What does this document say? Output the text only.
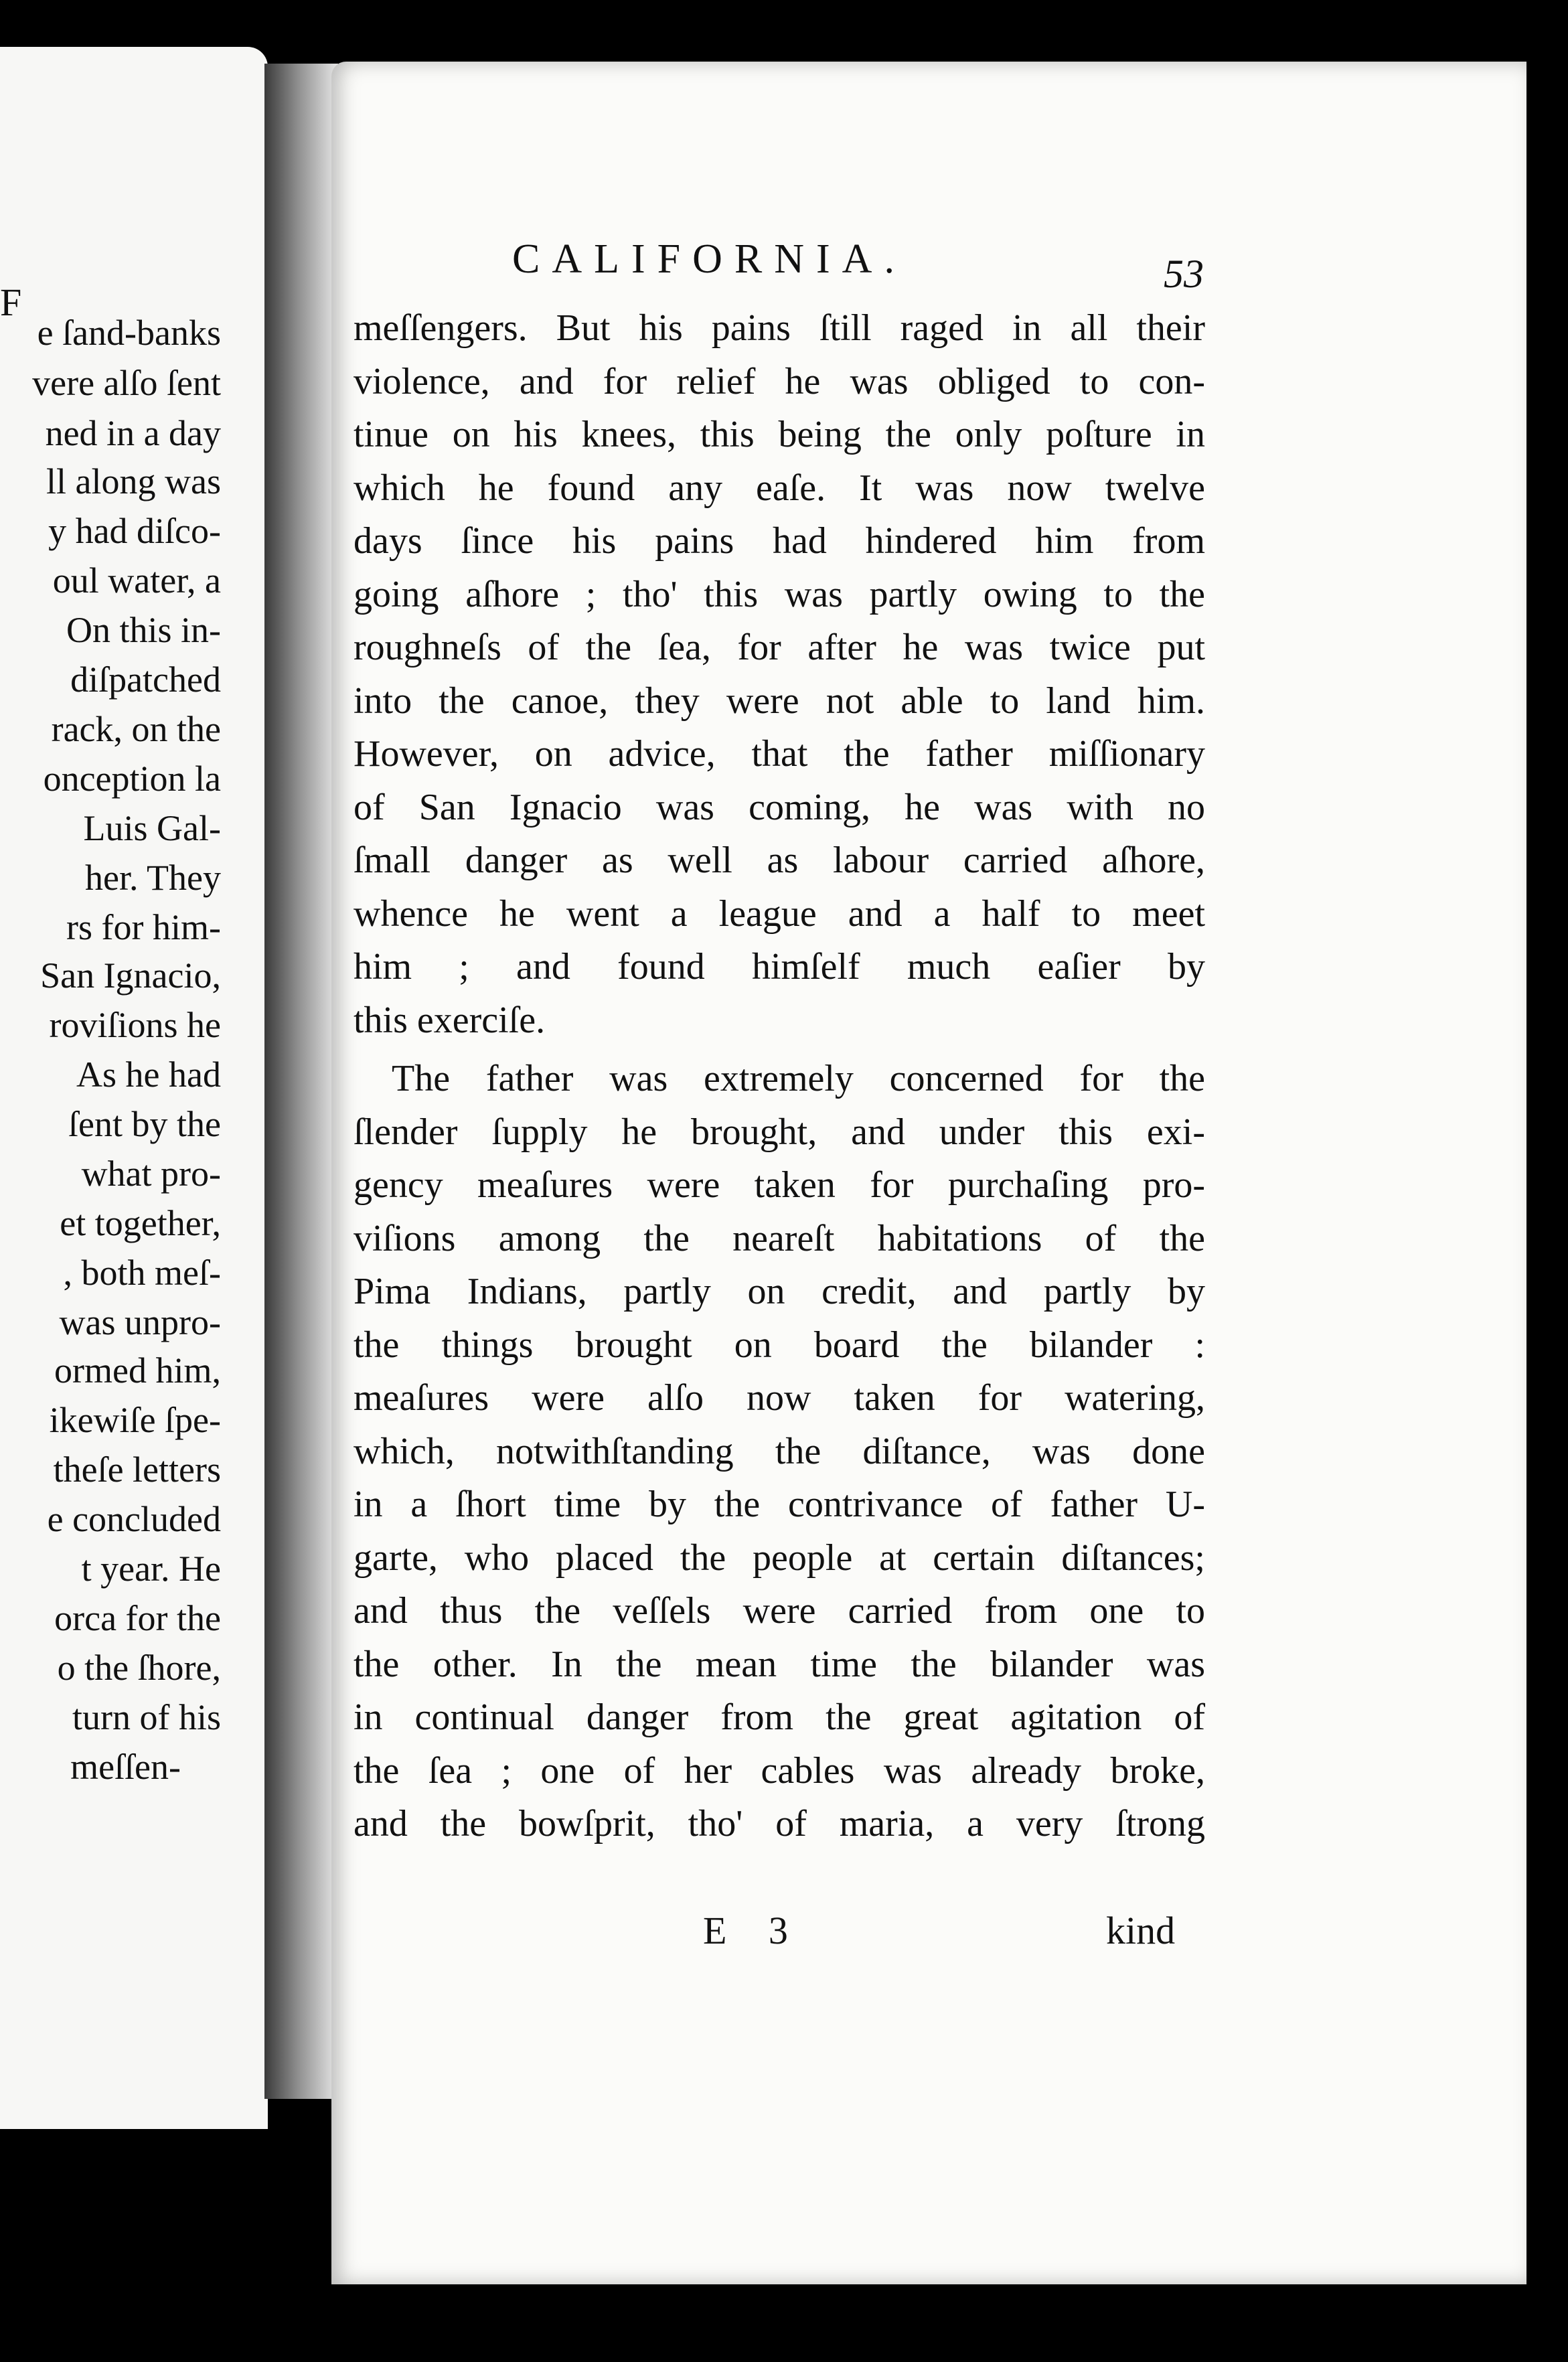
F
e ſand-banks
vere alſo ſent
ned in a day
ll along was
y had diſco-
oul water, a
On this in-
diſpatched
rack, on the
onception la
Luis Gal-
her. They
rs for him-
San Ignacio,
roviſions he
As he had
ſent by the
what pro-
et together,
, both meſ-
was unpro-
ormed him,
ikewiſe ſpe-
theſe letters
e concluded
t year. He
orca for the
o the ſhore,
turn of his
meſſen-
CALIFORNIA.	53
meſſengers. But his pains ſtill raged in all their
violence, and for relief he was obliged to con-
tinue on his knees, this being the only poſture in
which he found any eaſe. It was now twelve
days ſince his pains had hindered him from
going aſhore ; tho' this was partly owing to the
roughneſs of the ſea, for after he was twice put
into the canoe, they were not able to land him.
However, on advice, that the father miſſionary
of San Ignacio was coming, he was with no
ſmall danger as well as labour carried aſhore,
whence he went a league and a half to meet
him ; and found himſelf much eaſier by
this exerciſe.
The father was extremely concerned for the
ſlender ſupply he brought, and under this exi-
gency meaſures were taken for purchaſing pro-
viſions among the neareſt habitations of the
Pima Indians, partly on credit, and partly by
the things brought on board the bilander :
meaſures were alſo now taken for watering,
which, notwithſtanding the diſtance, was done
in a ſhort time by the contrivance of father U-
garte, who placed the people at certain diſtances;
and thus the veſſels were carried from one to
the other. In the mean time the bilander was
in continual danger from the great agitation of
the ſea ; one of her cables was already broke,
and the bowſprit, tho' of maria, a very ſtrong
E 3	kind
